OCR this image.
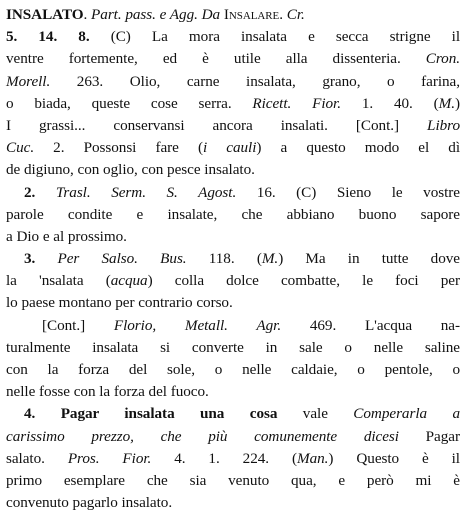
INSALATO. Part. pass. e Agg. Da Insalare. Cr.
5. 14. 8. (C) La mora insalata e secca strigne il
ventre fortemente, ed è utile alla dissenteria. Cron.
Morell. 263. Olio, carne insalata, grano, o farina,
o biada, queste cose serra. Ricett. Fior. 1. 40. (M.)
I grassi... conservansi ancora insalati. [Cont.] Libro
Cuc. 2. Possonsi fare (i cauli) a questo modo el dì
de digiuno, con oglio, con pesce insalato.
2. Trasl. Serm. S. Agost. 16. (C) Sieno le vostre
parole condite e insalate, che abbiano buono sapore
a Dio e al prossimo.
3. Per Salso. Bus. 118. (M.) Ma in tutte dove
la 'nsalata (acqua) colla dolce combatte, le foci per
lo paese montano per contrario corso.
[Cont.] Florio, Metall. Agr. 469. L'acqua na-
turalmente insalata si converte in sale o nelle saline
con la forza del sole, o nelle caldaie, o pentole, o
nelle fosse con la forza del fuoco.
4. Pagar insalata una cosa vale Comperarla a
carissimo prezzo, che più comunemente dicesi Pagar
salato. Pros. Fior. 4. 1. 224. (Man.) Questo è il
primo esemplare che sia venuto qua, e però mi è
convenuto pagarlo insalato.
